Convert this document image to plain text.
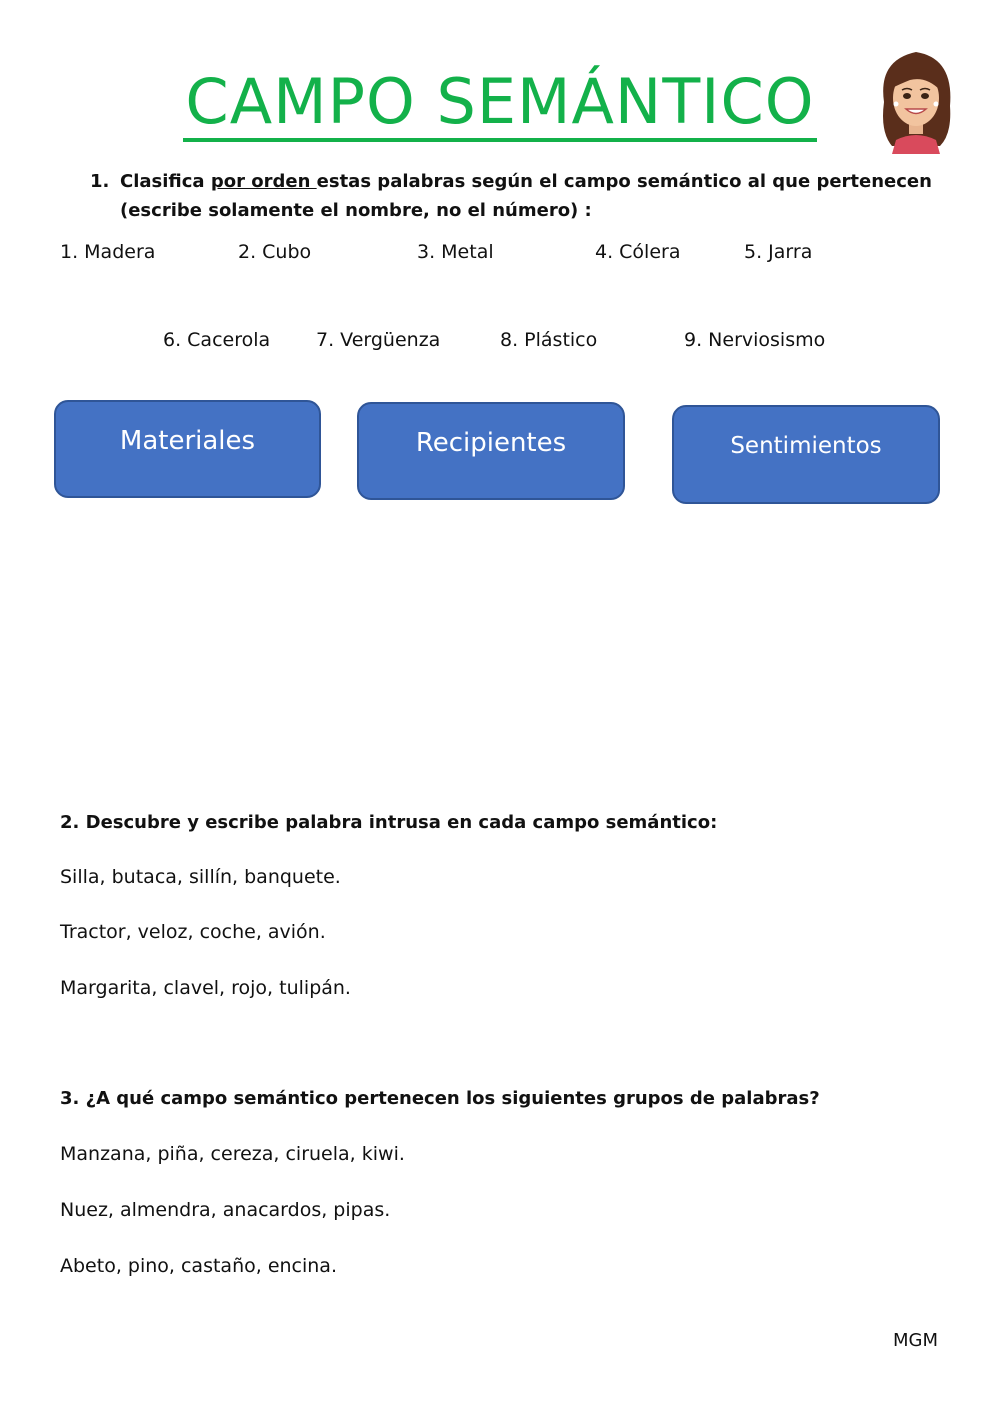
CAMPO SEMÁNTICO
1. Clasifica por orden estas palabras según el campo semántico al que pertenecen
(escribe solamente el nombre, no el número) :
1. Madera	2. Cubo	3. Metal	4. Cólera	5. Jarra
6. Cacerola 7. Vergüenza	8. Plástico	9. Nerviosismo
Materiales	Recipientes	Sentimientos
2. Descubre y escribe palabra intrusa en cada campo semántico:
Silla, butaca, sillín, banquete.
Tractor, veloz, coche, avión.
Margarita, clavel, rojo, tulipán.
3. ¿A qué campo semántico pertenecen los siguientes grupos de palabras?
Manzana, piña, cereza, ciruela, kiwi.
Nuez, almendra, anacardos, pipas.
Abeto, pino, castaño, encina.
MGM
